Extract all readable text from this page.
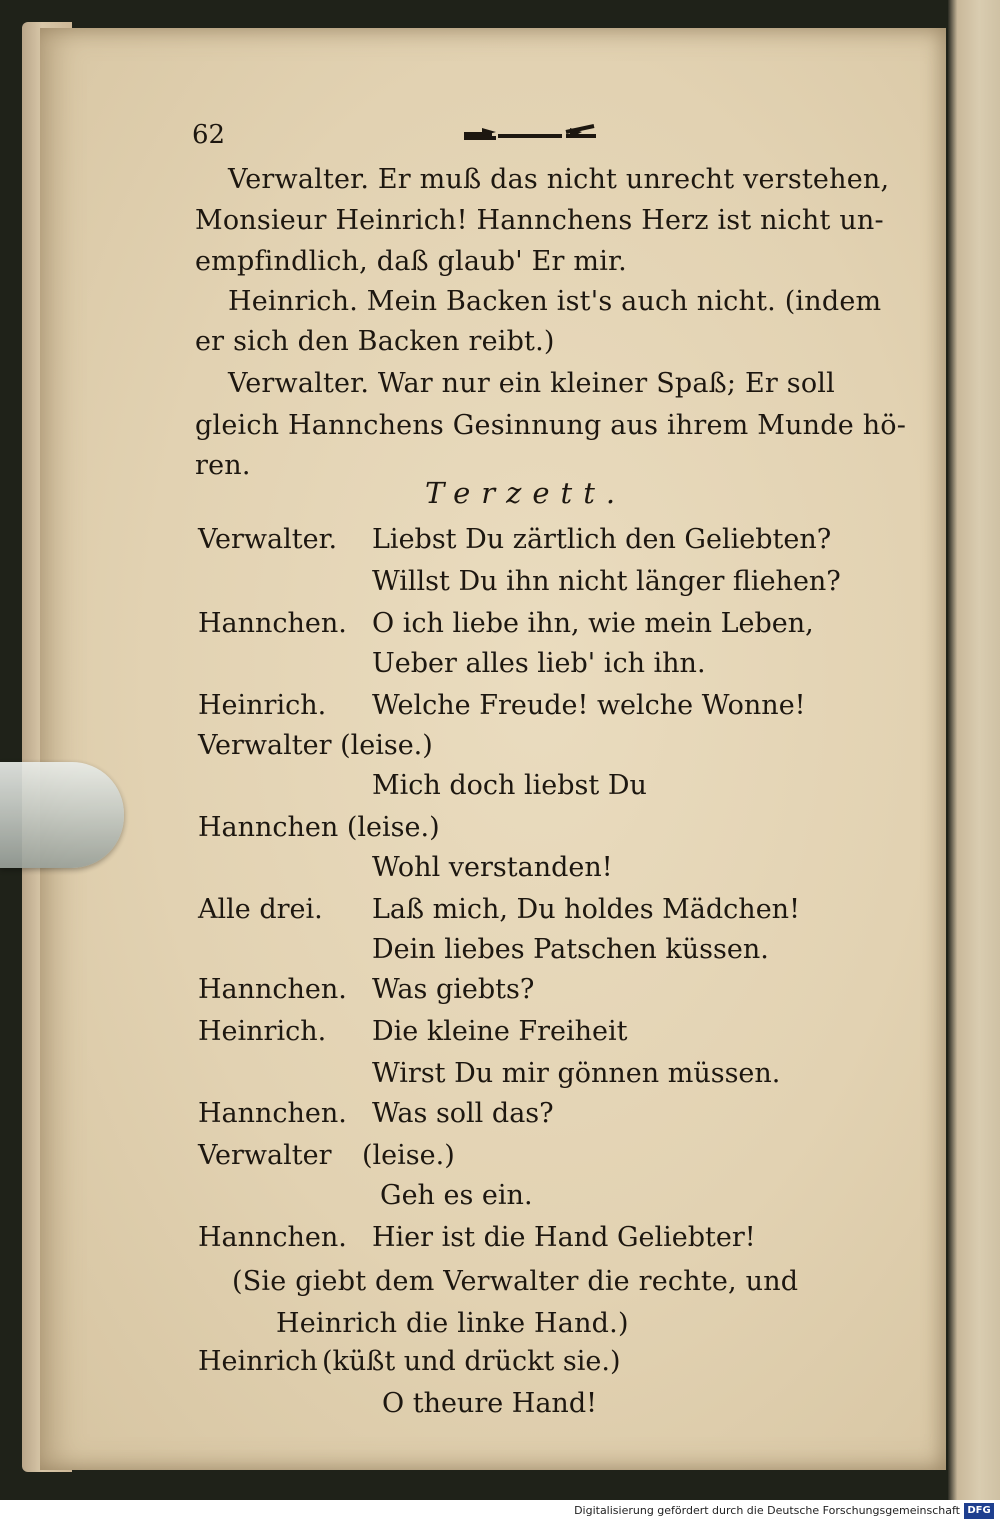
62
Verwalter. Er muß das nicht unrecht verstehen,
Monsieur Heinrich! Hannchens Herz ist nicht un-
empfindlich, daß glaub' Er mir.
Heinrich. Mein Backen ist's auch nicht. (indem
er sich den Backen reibt.)
Verwalter. War nur ein kleiner Spaß; Er soll
gleich Hannchens Gesinnung aus ihrem Munde hö-
ren.
Terzett.
Verwalter. Liebst Du zärtlich den Geliebten?
Willst Du ihn nicht länger fliehen?
Hannchen. O ich liebe ihn, wie mein Leben,
Ueber alles lieb' ich ihn.
Heinrich. Welche Freude! welche Wonne!
Verwalter (leise.)
Mich doch liebst Du
Hannchen (leise.)
Wohl verstanden!
Alle drei. Laß mich, Du holdes Mädchen!
Dein liebes Patschen küssen.
Hannchen. Was giebts?
Heinrich. Die kleine Freiheit
Wirst Du mir gönnen müssen.
Hannchen. Was soll das?
Verwalter (leise.)
Geh es ein.
Hannchen. Hier ist die Hand Geliebter!
(Sie giebt dem Verwalter die rechte, und
Heinrich die linke Hand.)
Heinrich (küßt und drückt sie.)
O theure Hand!
Digitalisierung gefördert durch die Deutsche Forschungsgemeinschaft DFG
